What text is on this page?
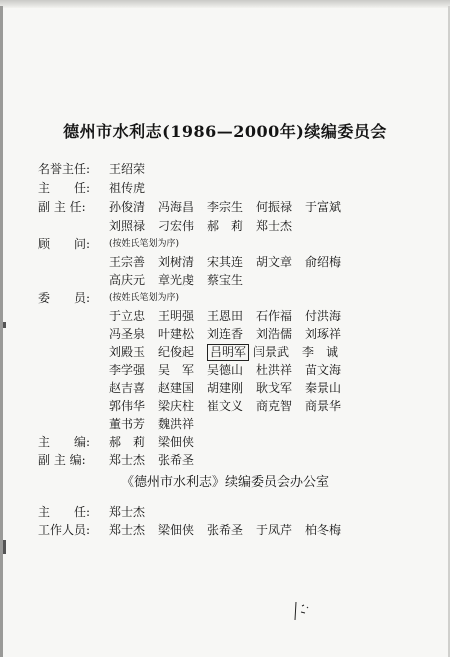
德州市水利志(1986—2000年)续编委员会
名誉主任:	王绍荣
主　　任:	祖传虎
副 主 任:	孙俊清 冯海昌 李宗生 何振禄 于富斌
刘照禄 刁宏伟 郝　莉 郑士杰
顾　　问:	(按姓氏笔划为序)
王宗善 刘树清 宋其连 胡文章 俞绍梅
高庆元 章光虔 蔡宝生
委　　员:	(按姓氏笔划为序)
于立忠 王明强 王恩田 石作福 付洪海
冯圣泉 叶建松 刘连香 刘浩儒 刘琢祥
刘殿玉 纪俊起 吕明军 闫景武 李　诚
李学强 吴　军 吴德山 杜洪祥 苗文海
赵吉喜 赵建国 胡建刚 耿戈军 秦景山
郭伟华 梁庆柱 崔文义 商克智 商景华
董书芳 魏洪祥
主　　编:	郝　莉 梁佃侠
副 主 编:	郑士杰 张希圣
《德州市水利志》续编委员会办公室
主　　任:	郑士杰
工作人员:	郑士杰 梁佃侠 张希圣 于凤芹 柏冬梅
